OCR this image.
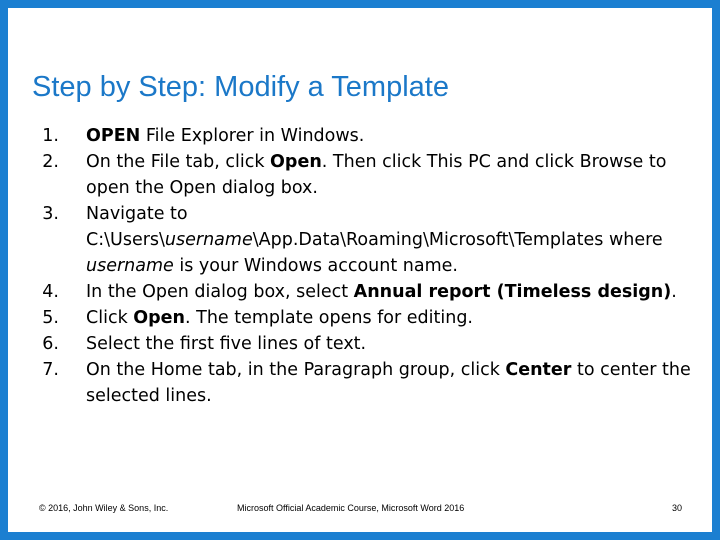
Step by Step: Modify a Template
1. OPEN File Explorer in Windows.
2. On the File tab, click Open. Then click This PC and click Browse to open the Open dialog box.
3. Navigate to C:\Users\username\App.Data\Roaming\Microsoft\Templates where username is your Windows account name.
4. In the Open dialog box, select Annual report (Timeless design).
5. Click Open. The template opens for editing.
6. Select the first five lines of text.
7. On the Home tab, in the Paragraph group, click Center to center the selected lines.
© 2016, John Wiley & Sons, Inc.	Microsoft Official Academic Course, Microsoft Word 2016	30
